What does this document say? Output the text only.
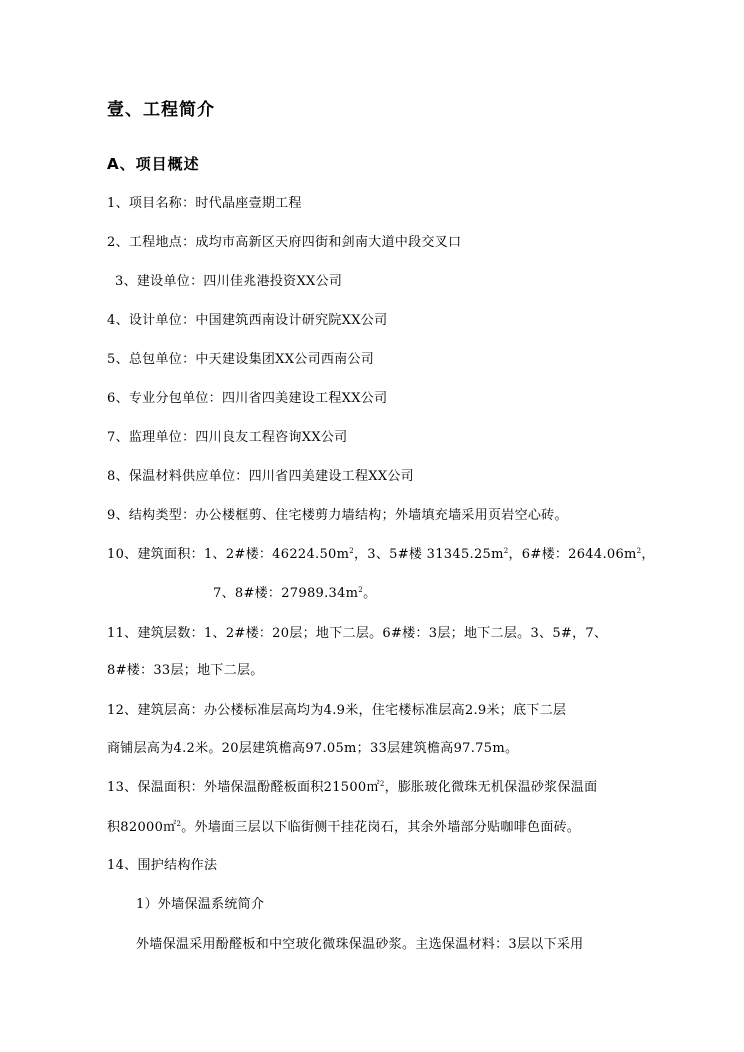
壹、工程简介
A、项目概述
1、项目名称：时代晶座壹期工程
2、工程地点：成均市高新区天府四街和剑南大道中段交叉口
3、建设单位：四川佳兆港投资XX公司
4、设计单位：中国建筑西南设计研究院XX公司
5、总包单位：中天建设集团XX公司西南公司
6、专业分包单位：四川省四美建设工程XX公司
7、监理单位：四川良友工程咨询XX公司
8、保温材料供应单位：四川省四美建设工程XX公司
9、结构类型：办公楼框剪、住宅楼剪力墙结构；外墙填充墙采用页岩空心砖。
10、建筑面积：1、2#楼：$46224.50m^2$，3、5#楼 $31345.25m^2$，6#楼：$2644.06m^2$，
7、8#楼：$27989.34m^2$。
11、建筑层数：1、2#楼：20层；地下二层。6#楼：3层；地下二层。3、5#，7、
8#楼：33层；地下二层。
12、建筑层高：办公楼标准层高均为4.9米，住宅楼标准层高2.9米；底下二层
商铺层高为4.2米。20层建筑檐高97.05m；33层建筑檐高97.75m。
13、保温面积：外墙保温酚醛板面积21500㎡$^2$，膨胀玻化微珠无机保温砂浆保温面
积82000㎡$^2$。外墙面三层以下临街侧干挂花岗石，其余外墙部分贴咖啡色面砖。
14、围护结构作法
1）外墙保温系统简介
外墙保温采用酚醛板和中空玻化微珠保温砂浆。主选保温材料：3层以下采用
